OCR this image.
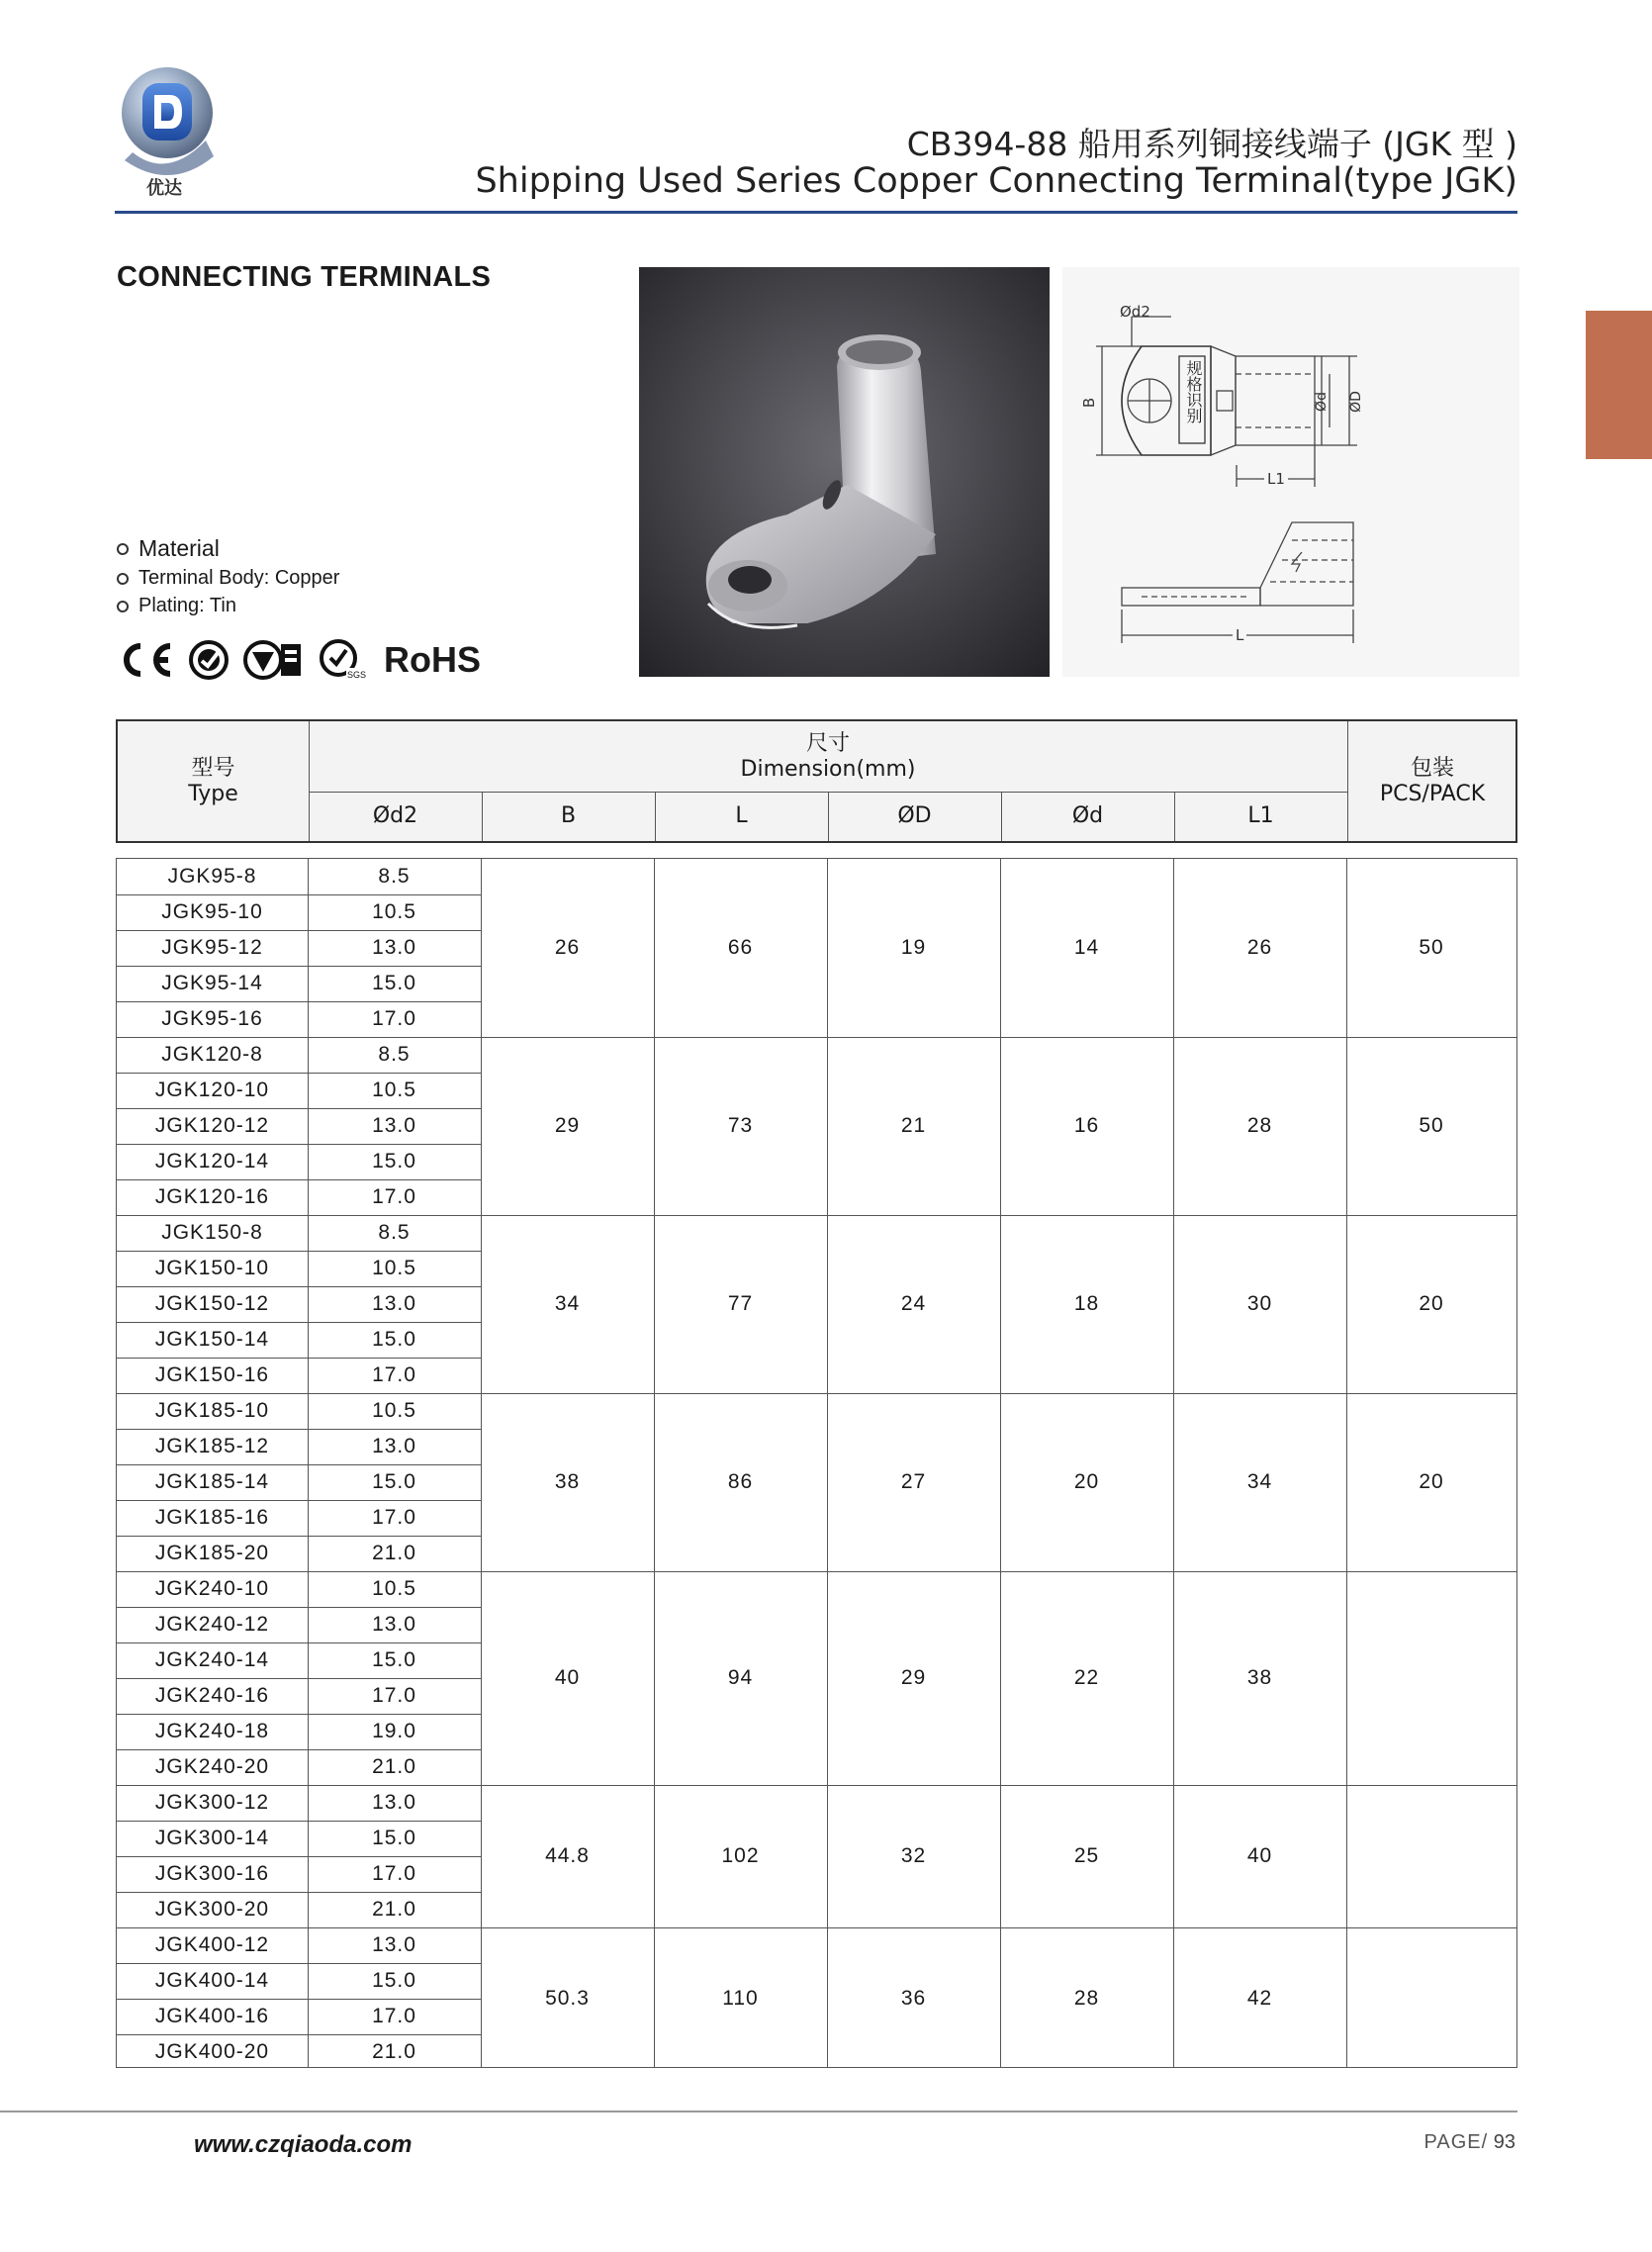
优达
CB394-88 船用系列铜接线端子 (JGK 型 )
Shipping Used Series Copper Connecting Terminal(type JGK)
CONNECTING TERMINALS
Material
Terminal Body: Copper
Plating: Tin
SGS RoHS
Ød2
B	规格识别	Ød ØD
L1
L
型号
Type
尺寸
Dimension(mm)	包装
PCS/PACK
Ød2	B	L	ØD	Ød	L1
JGK95-8	8.5
JGK95-10	10.5
JGK95-12	13.0
JGK95-14	15.0
JGK95-16	17.0
26	66	19	14	26	50
JGK120-8	8.5
JGK120-10	10.5
JGK120-12	13.0
JGK120-14	15.0
JGK120-16	17.0
29	73	21	16	28	50
JGK150-8	8.5
JGK150-10	10.5
JGK150-12	13.0
JGK150-14	15.0
JGK150-16	17.0
34	77	24	18	30	20
JGK185-10	10.5
JGK185-12	13.0
JGK185-14	15.0
JGK185-16	17.0
JGK185-20	21.0
38	86	27	20	34	20
JGK240-10	10.5
JGK240-12	13.0
JGK240-14	15.0
JGK240-16	17.0
JGK240-18	19.0
JGK240-20	21.0
40	94	29	22	38
JGK300-12	13.0
JGK300-14	15.0
JGK300-16	17.0
JGK300-20	21.0
44.8	102	32	25	40
JGK400-12	13.0
JGK400-14	15.0
JGK400-16	17.0
JGK400-20	21.0
50.3	110	36	28	42
www.czqiaoda.com	PAGE/ 93
